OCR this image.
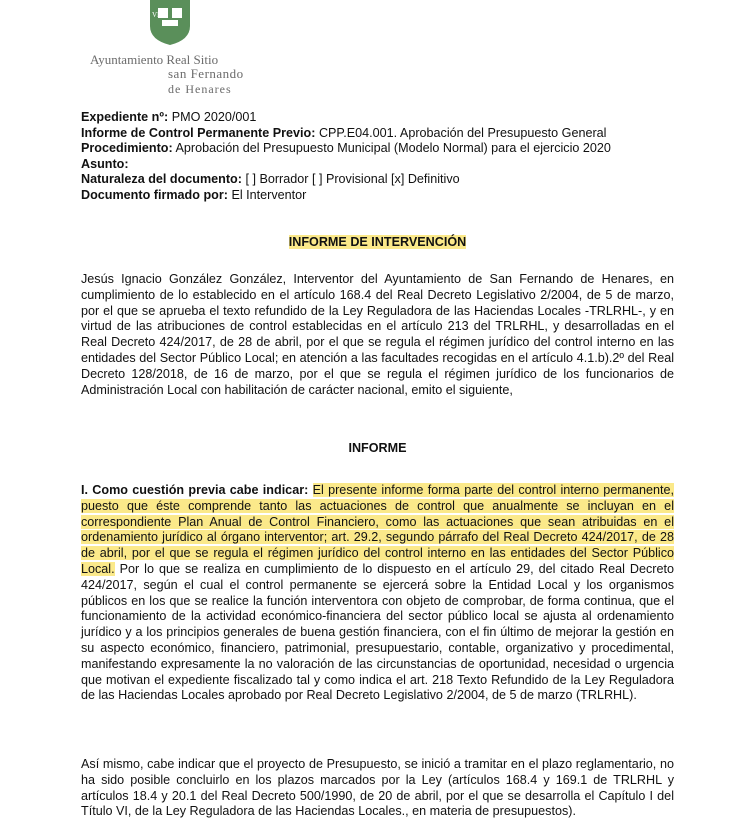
VI
Ayuntamiento Real Sitio
san Fernando
de Henares
Expediente nº: PMO 2020/001
Informe de Control Permanente Previo: CPP.E04.001. Aprobación del Presupuesto General
Procedimiento: Aprobación del Presupuesto Municipal (Modelo Normal) para el ejercicio 2020
Asunto:
Naturaleza del documento: [ ] Borrador [ ] Provisional [x] Definitivo
Documento firmado por: El Interventor
INFORME DE INTERVENCIÓN
Jesús Ignacio González González, Interventor del Ayuntamiento de San Fernando de Henares, en cumplimiento de lo establecido en el artículo 168.4 del Real Decreto Legislativo 2/2004, de 5 de marzo, por el que se aprueba el texto refundido de la Ley Reguladora de las Haciendas Locales -TRLRHL-, y en virtud de las atribuciones de control establecidas en el artículo 213 del TRLRHL, y desarrolladas en el Real Decreto 424/2017, de 28 de abril, por el que se regula el régimen jurídico del control interno en las entidades del Sector Público Local; en atención a las facultades recogidas en el artículo 4.1.b).2º del Real Decreto 128/2018, de 16 de marzo, por el que se regula el régimen jurídico de los funcionarios de Administración Local con habilitación de carácter nacional, emito el siguiente,
INFORME
I. Como cuestión previa cabe indicar: El presente informe forma parte del control interno permanente, puesto que éste comprende tanto las actuaciones de control que anualmente se incluyan en el correspondiente Plan Anual de Control Financiero, como las actuaciones que sean atribuidas en el ordenamiento jurídico al órgano interventor; art. 29.2, segundo párrafo del Real Decreto 424/2017, de 28 de abril, por el que se regula el régimen jurídico del control interno en las entidades del Sector Público Local. Por lo que se realiza en cumplimiento de lo dispuesto en el artículo 29, del citado Real Decreto 424/2017, según el cual el control permanente se ejercerá sobre la Entidad Local y los organismos públicos en los que se realice la función interventora con objeto de comprobar, de forma continua, que el funcionamiento de la actividad económico-financiera del sector público local se ajusta al ordenamiento jurídico y a los principios generales de buena gestión financiera, con el fin último de mejorar la gestión en su aspecto económico, financiero, patrimonial, presupuestario, contable, organizativo y procedimental, manifestando expresamente la no valoración de las circunstancias de oportunidad, necesidad o urgencia que motivan el expediente fiscalizado tal y como indica el art. 218 Texto Refundido de la Ley Reguladora de las Haciendas Locales aprobado por Real Decreto Legislativo 2/2004, de 5 de marzo (TRLRHL).
Así mismo, cabe indicar que el proyecto de Presupuesto, se inició a tramitar en el plazo reglamentario, no ha sido posible concluirlo en los plazos marcados por la Ley (artículos 168.4 y 169.1 de TRLRHL y artículos 18.4 y 20.1 del Real Decreto 500/1990, de 20 de abril, por el que se desarrolla el Capítulo I del Título VI, de la Ley Reguladora de las Haciendas Locales., en materia de presupuestos).
